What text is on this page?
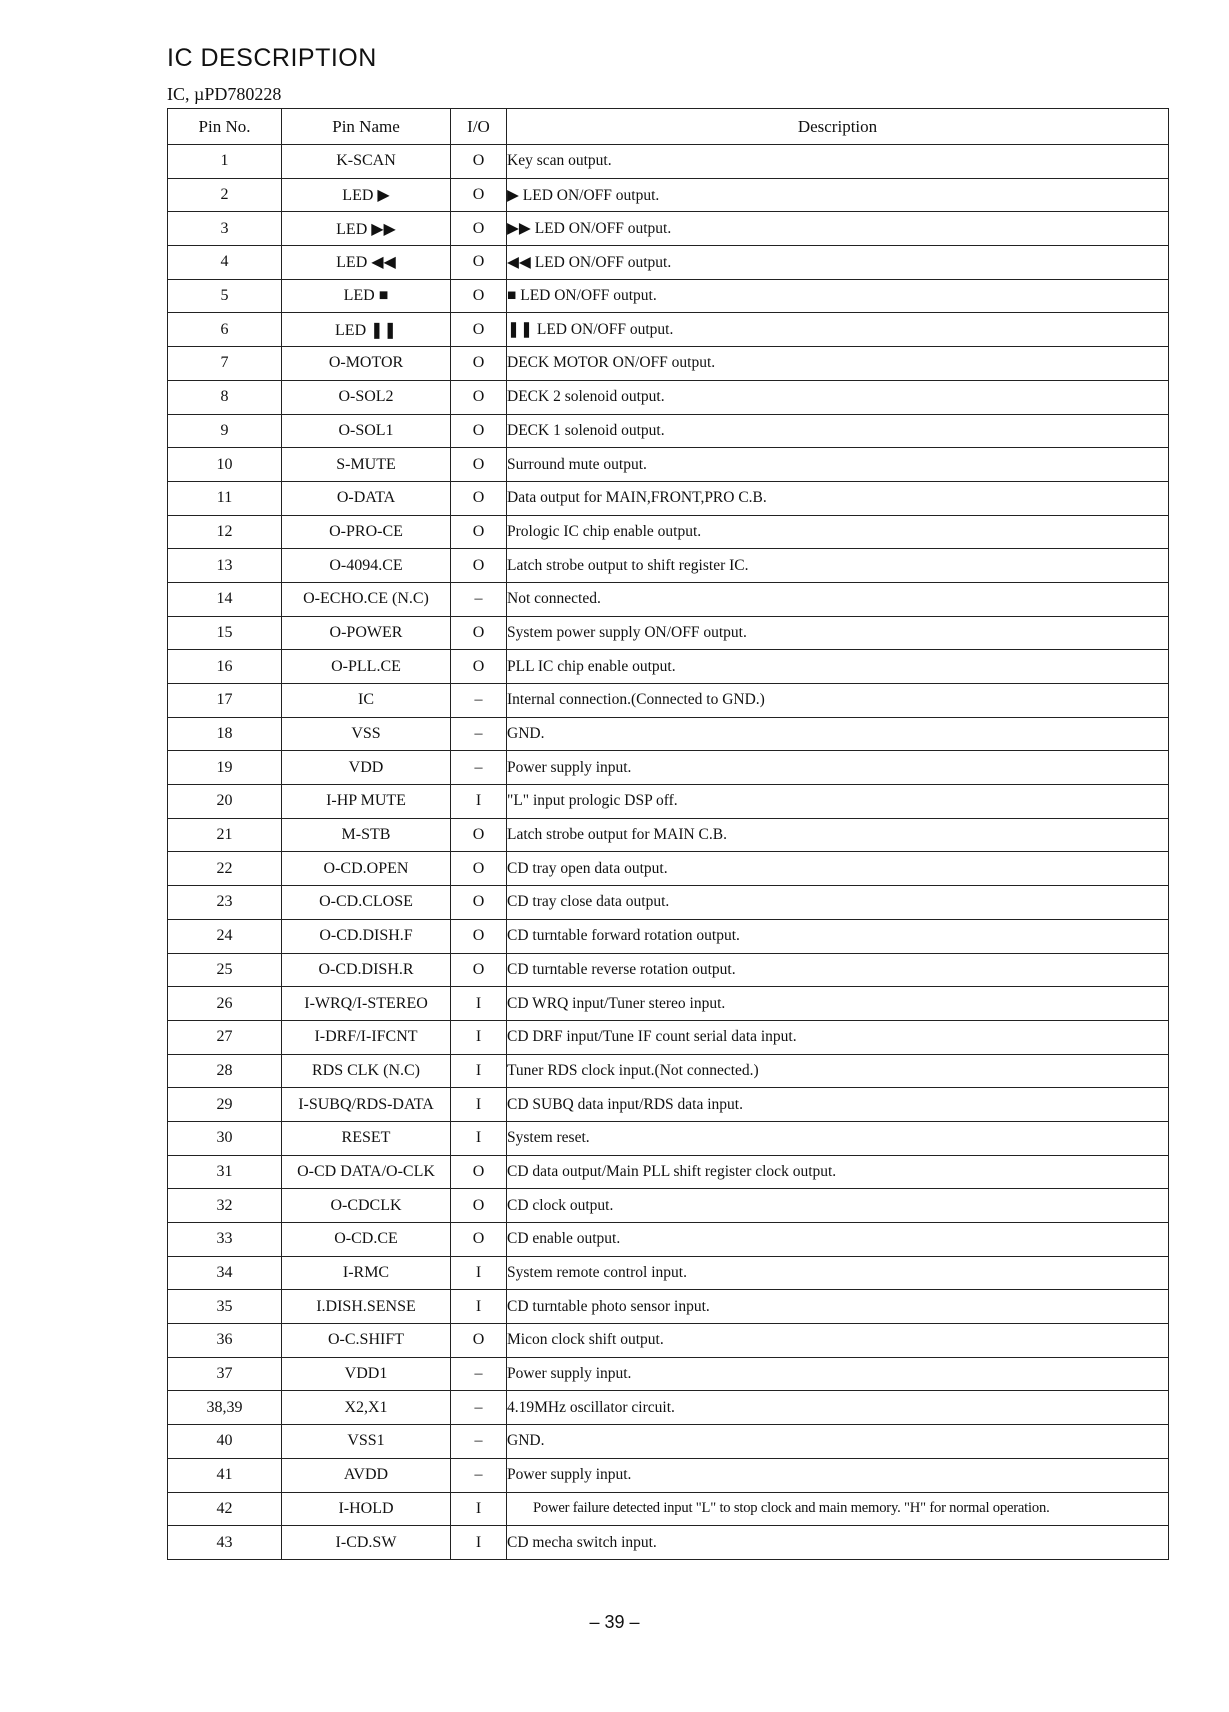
IC DESCRIPTION
IC, µPD780228
Pin No.	Pin Name	I/O	Description
1	K-SCAN	O	Key scan output.
2	LED ▶	O	▶ LED ON/OFF output.
3	LED ▶▶	O	▶▶ LED ON/OFF output.
4	LED ◀◀	O	◀◀ LED ON/OFF output.
5	LED ■	O	■ LED ON/OFF output.
6	LED ❚❚	O	❚❚ LED ON/OFF output.
7	O-MOTOR	O	DECK MOTOR ON/OFF output.
8	O-SOL2	O	DECK 2 solenoid output.
9	O-SOL1	O	DECK 1 solenoid output.
10	S-MUTE	O	Surround mute output.
11	O-DATA	O	Data output for MAIN,FRONT,PRO C.B.
12	O-PRO-CE	O	Prologic IC chip enable output.
13	O-4094.CE	O	Latch strobe output to shift register IC.
14	O-ECHO.CE (N.C)	–	Not connected.
15	O-POWER	O	System power supply ON/OFF output.
16	O-PLL.CE	O	PLL IC chip enable output.
17	IC	–	Internal connection.(Connected to GND.)
18	VSS	–	GND.
19	VDD	–	Power supply input.
20	I-HP MUTE	I	"L" input prologic DSP off.
21	M-STB	O	Latch strobe output for MAIN C.B.
22	O-CD.OPEN	O	CD tray open data output.
23	O-CD.CLOSE	O	CD tray close data output.
24	O-CD.DISH.F	O	CD turntable forward rotation output.
25	O-CD.DISH.R	O	CD turntable reverse rotation output.
26	I-WRQ/I-STEREO	I	CD WRQ input/Tuner stereo input.
27	I-DRF/I-IFCNT	I	CD DRF input/Tune IF count serial data input.
28	RDS CLK (N.C)	I	Tuner RDS clock input.(Not connected.)
29	I-SUBQ/RDS-DATA	I	CD SUBQ data input/RDS data input.
30	RESET	I	System reset.
31	O-CD DATA/O-CLK	O	CD data output/Main PLL shift register clock output.
32	O-CDCLK	O	CD clock output.
33	O-CD.CE	O	CD enable output.
34	I-RMC	I	System remote control input.
35	I.DISH.SENSE	I	CD turntable photo sensor input.
36	O-C.SHIFT	O	Micon clock shift output.
37	VDD1	–	Power supply input.
38,39	X2,X1	–	4.19MHz oscillator circuit.
40	VSS1	–	GND.
41	AVDD	–	Power supply input.
42	I-HOLD	I	Power failure detected input "L" to stop clock and main memory. "H" for normal operation.
43	I-CD.SW	I	CD mecha switch input.
– 39 –
